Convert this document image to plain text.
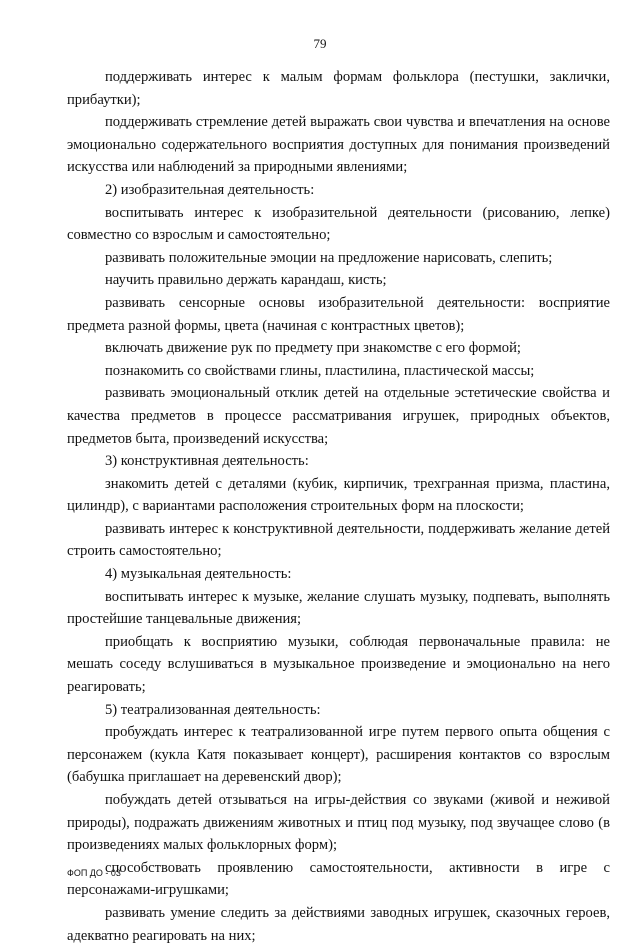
79

поддерживать интерес к малым формам фольклора (пестушки, заклички, прибаутки);

поддерживать стремление детей выражать свои чувства и впечатления на основе эмоционально содержательного восприятия доступных для понимания произведений искусства или наблюдений за природными явлениями;

2) изобразительная деятельность:

воспитывать интерес к изобразительной деятельности (рисованию, лепке) совместно со взрослым и самостоятельно;

развивать положительные эмоции на предложение нарисовать, слепить;

научить правильно держать карандаш, кисть;

развивать сенсорные основы изобразительной деятельности: восприятие предмета разной формы, цвета (начиная с контрастных цветов);

включать движение рук по предмету при знакомстве с его формой;

познакомить со свойствами глины, пластилина, пластической массы;

развивать эмоциональный отклик детей на отдельные эстетические свойства и качества предметов в процессе рассматривания игрушек, природных объектов, предметов быта, произведений искусства;

3) конструктивная деятельность:

знакомить детей с деталями (кубик, кирпичик, трехгранная призма, пластина, цилиндр), с вариантами расположения строительных форм на плоскости;

развивать интерес к конструктивной деятельности, поддерживать желание детей строить самостоятельно;

4) музыкальная деятельность:

воспитывать интерес к музыке, желание слушать музыку, подпевать, выполнять простейшие танцевальные движения;

приобщать к восприятию музыки, соблюдая первоначальные правила: не мешать соседу вслушиваться в музыкальное произведение и эмоционально на него реагировать;

5) театрализованная деятельность:

пробуждать интерес к театрализованной игре путем первого опыта общения с персонажем (кукла Катя показывает концерт), расширения контактов со взрослым (бабушка приглашает на деревенский двор);

побуждать детей отзываться на игры-действия со звуками (живой и неживой природы), подражать движениям животных и птиц под музыку, под звучащее слово (в произведениях малых фольклорных форм);

способствовать проявлению самостоятельности, активности в игре с персонажами-игрушками;

развивать умение следить за действиями заводных игрушек, сказочных героев, адекватно реагировать на них;

ФОП ДО - 03
